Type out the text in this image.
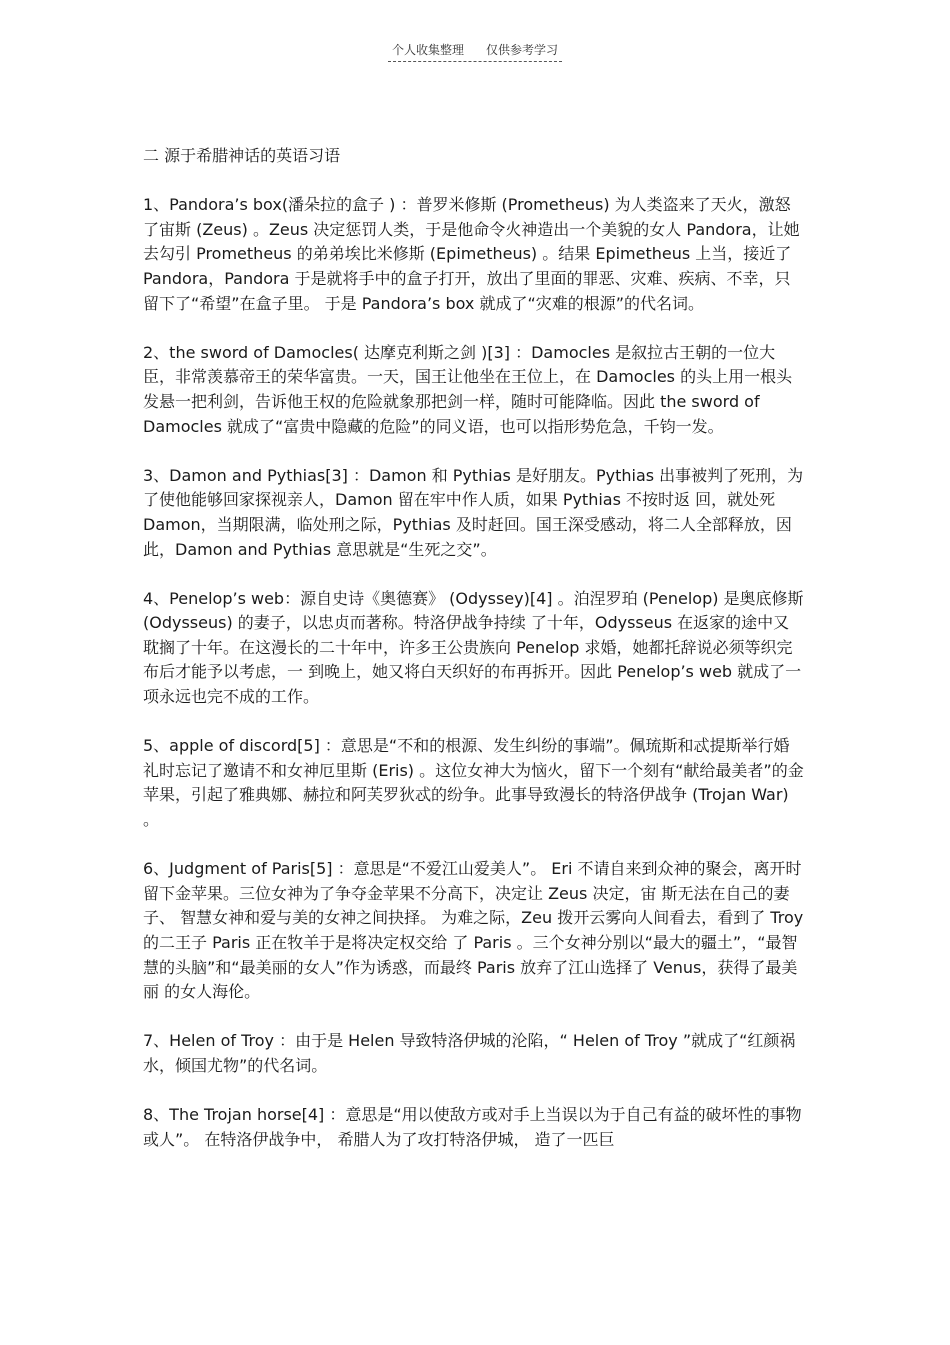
个人收集整理 仅供参考学习

二 源于希腊神话的英语习语

1、Pandora’s box(潘朵拉的盒子 ) ：普罗米修斯 (Prometheus) 为人类盗来了天火，激怒了宙斯 (Zeus) 。Zeus 决定惩罚人类，于是他命令火神造出一个美貌的女人 Pandora，让她去勾引 Prometheus 的弟弟埃比米修斯 (Epimetheus) 。结果 Epimetheus 上当，接近了 Pandora，Pandora 于是就将手中的盒子打开，放出了里面的罪恶、灾难、疾病、不幸，只留下了“希望”在盒子里。 于是 Pandora’s box 就成了“灾难的根源”的代名词。

2、the sword of Damocles( 达摩克利斯之剑 )[3] ：Damocles 是叙拉古王朝的一位大臣，非常羡慕帝王的荣华富贵。一天，国王让他坐在王位上，在 Damocles 的头上用一根头发悬一把利剑，告诉他王权的危险就象那把剑一样，随时可能降临。因此 the sword of Damocles 就成了“富贵中隐藏的危险”的同义语，也可以指形势危急，千钧一发。

3、Damon and Pythias[3] ：Damon 和 Pythias 是好朋友。Pythias 出事被判了死刑，为了使他能够回家探视亲人，Damon 留在牢中作人质，如果 Pythias 不按时返 回，就处死 Damon，当期限满，临处刑之际，Pythias 及时赶回。国王深受感动，将二人全部释放，因此，Damon and Pythias 意思就是“生死之交”。

4、Penelop’s web：源自史诗《奥德赛》 (Odyssey)[4] 。泊涅罗珀 (Penelop) 是奥底修斯 (Odysseus) 的妻子，以忠贞而著称。特洛伊战争持续 了十年，Odysseus 在返家的途中又耽搁了十年。在这漫长的二十年中，许多王公贵族向 Penelop 求婚，她都托辞说必须等织完布后才能予以考虑，一 到晚上，她又将白天织好的布再拆开。因此 Penelop’s web 就成了一项永远也完不成的工作。

5、apple of discord[5] ：意思是“不和的根源、发生纠纷的事端”。佩琉斯和忒提斯举行婚礼时忘记了邀请不和女神厄里斯 (Eris) 。这位女神大为恼火，留下一个刻有“献给最美者”的金苹果，引起了雅典娜、赫拉和阿芙罗狄忒的纷争。此事导致漫长的特洛伊战争 (Trojan War) 。

6、Judgment of Paris[5] ：意思是“不爱江山爱美人”。 Eri 不请自来到众神的聚会，离开时留下金苹果。三位女神为了争夺金苹果不分高下，决定让 Zeus 决定，宙 斯无法在自己的妻子、 智慧女神和爱与美的女神之间抉择。 为难之际，Zeu 拨开云雾向人间看去，看到了 Troy 的二王子 Paris 正在牧羊于是将决定权交给 了 Paris 。三个女神分别以“最大的疆土”，“最智慧的头脑”和“最美丽的女人”作为诱惑，而最终 Paris 放弃了江山选择了 Venus，获得了最美丽 的女人海伦。

7、Helen of Troy ：由于是 Helen 导致特洛伊城的沦陷，“ Helen of Troy ”就成了“红颜祸水，倾国尤物”的代名词。

8、The Trojan horse[4] ：意思是“用以使敌方或对手上当误以为于自己有益的破坏性的事物或人”。 在特洛伊战争中， 希腊人为了攻打特洛伊城， 造了一匹巨
